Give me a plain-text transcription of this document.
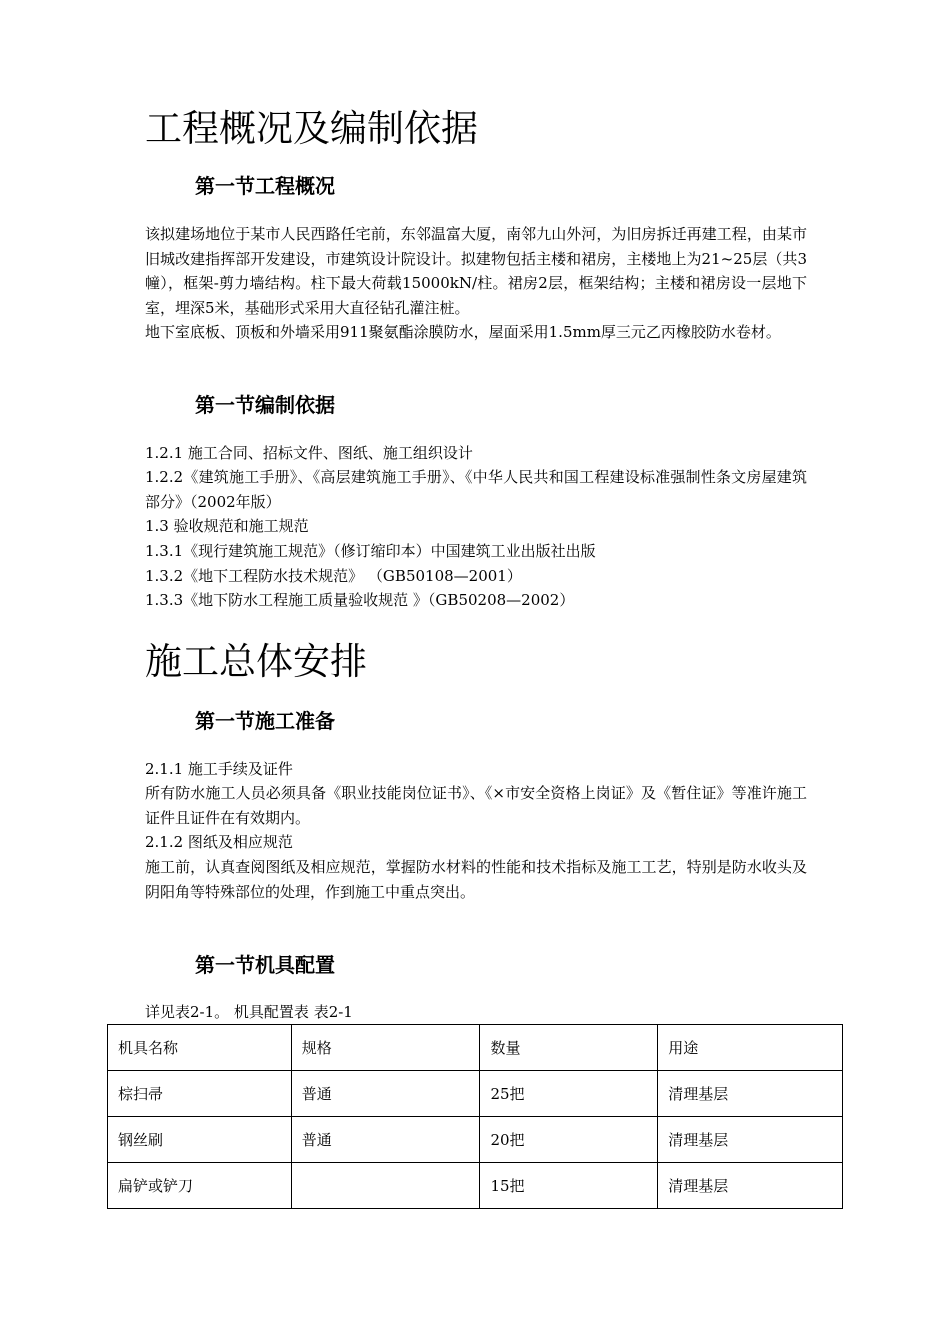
工程概况及编制依据
第一节工程概况

该拟建场地位于某市人民西路任宅前，东邻温富大厦，南邻九山外河，为旧房拆迁再建工程，由某市旧城改建指挥部开发建设，市建筑设计院设计。拟建物包括主楼和裙房，主楼地上为21~25层（共3幢），框架-剪力墙结构。柱下最大荷载15000kN/柱。裙房2层，框架结构；主楼和裙房设一层地下室，埋深5米，基础形式采用大直径钻孔灌注桩。

地下室底板、顶板和外墙采用911聚氨酯涂膜防水，屋面采用1.5mm厚三元乙丙橡胶防水卷材。

第一节编制依据

1.2.1 施工合同、招标文件、图纸、施工组织设计

1.2.2《建筑施工手册》、《高层建筑施工手册》、《中华人民共和国工程建设标准强制性条文房屋建筑部分》（2002年版）

1.3 验收规范和施工规范

1.3.1《现行建筑施工规范》（修订缩印本）中国建筑工业出版社出版

1.3.2《地下工程防水技术规范》 （GB50108—2001）

1.3.3《地下防水工程施工质量验收规范 》（GB50208—2002）

施工总体安排
第一节施工准备

2.1.1 施工手续及证件

所有防水施工人员必须具备《职业技能岗位证书》、《×市安全资格上岗证》及《暂住证》等准许施工证件且证件在有效期内。

2.1.2 图纸及相应规范

施工前，认真查阅图纸及相应规范，掌握防水材料的性能和技术指标及施工工艺，特别是防水收头及阴阳角等特殊部位的处理，作到施工中重点突出。

第一节机具配置

详见表2-1。 机具配置表 表2-1

机具名称	规格	数量	用途
棕扫帚	普通	25把	清理基层
钢丝刷	普通	20把	清理基层
扁铲或铲刀		15把	清理基层
